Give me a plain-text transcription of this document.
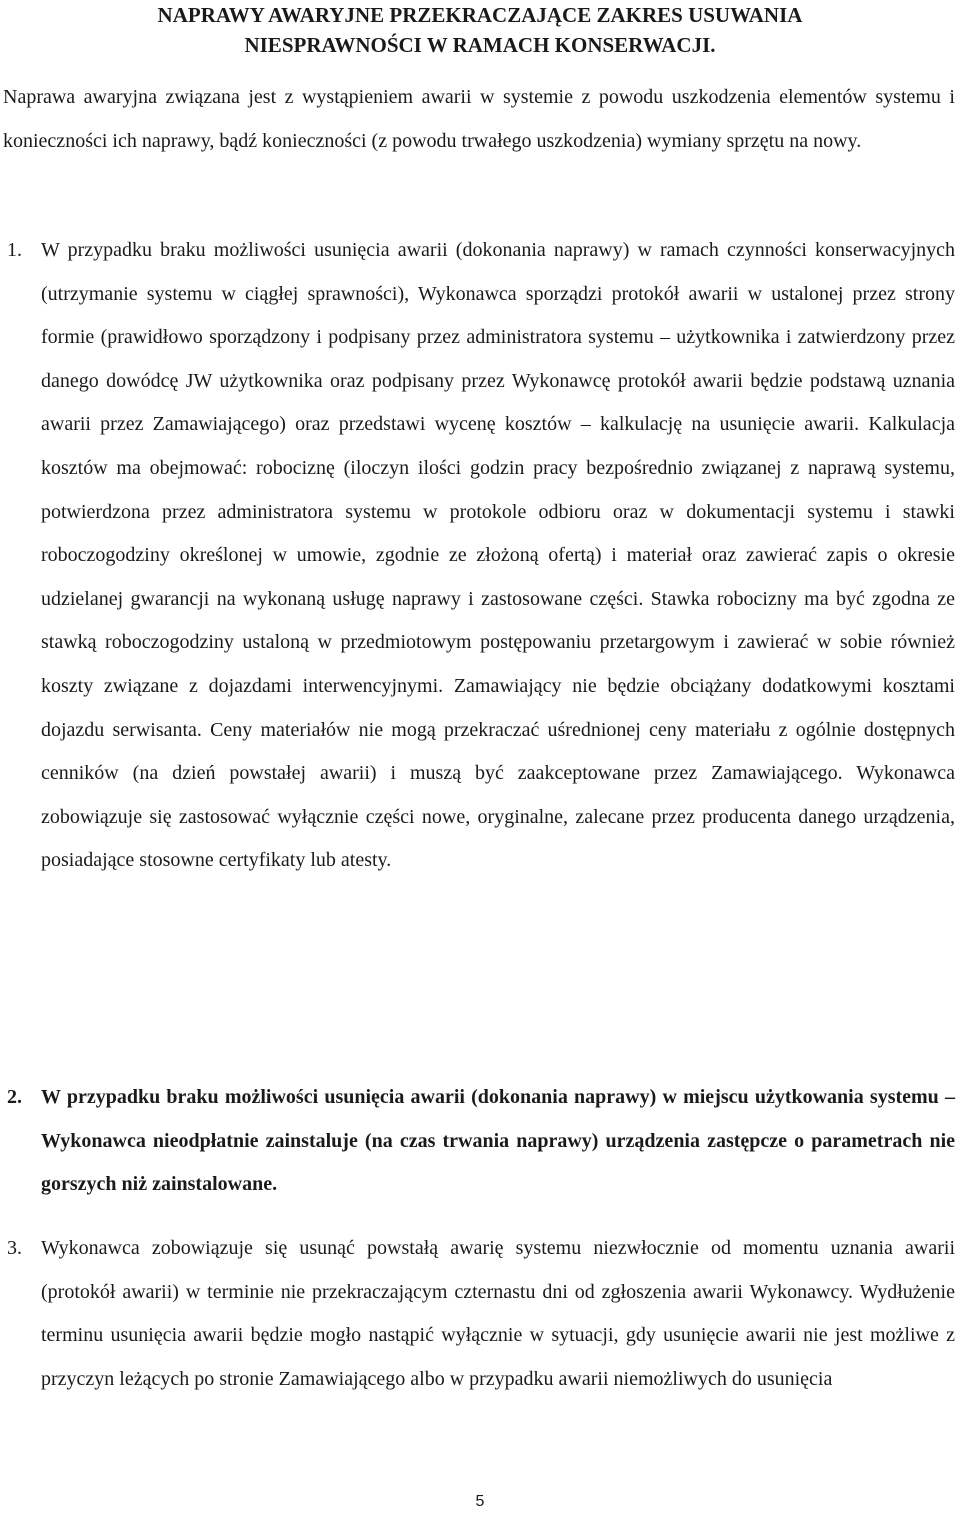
NAPRAWY AWARYJNE PRZEKRACZAJĄCE ZAKRES USUWANIA
NIESPRAWNOŚCI W RAMACH KONSERWACJI.

Naprawa awaryjna związana jest z wystąpieniem awarii w systemie z powodu uszkodzenia elementów systemu i konieczności ich naprawy, bądź konieczności (z powodu trwałego uszkodzenia) wymiany sprzętu na nowy.

1. W przypadku braku możliwości usunięcia awarii (dokonania naprawy) w ramach czynności konserwacyjnych (utrzymanie systemu w ciągłej sprawności), Wykonawca sporządzi protokół awarii w ustalonej przez strony formie (prawidłowo sporządzony i podpisany przez administratora systemu – użytkownika i zatwierdzony przez danego dowódcę JW użytkownika oraz podpisany przez Wykonawcę protokół awarii będzie podstawą uznania awarii przez Zamawiającego) oraz przedstawi wycenę kosztów – kalkulację na usunięcie awarii. Kalkulacja kosztów ma obejmować: robociznę (iloczyn ilości godzin pracy bezpośrednio związanej z naprawą systemu, potwierdzona przez administratora systemu w protokole odbioru oraz w dokumentacji systemu i stawki roboczogodziny określonej w umowie, zgodnie ze złożoną ofertą) i materiał oraz zawierać zapis o okresie udzielanej gwarancji na wykonaną usługę naprawy i zastosowane części. Stawka robocizny ma być zgodna ze stawką roboczogodziny ustaloną w przedmiotowym postępowaniu przetargowym i zawierać w sobie również koszty związane z dojazdami interwencyjnymi. Zamawiający nie będzie obciążany dodatkowymi kosztami dojazdu serwisanta. Ceny materiałów nie mogą przekraczać uśrednionej ceny materiału z ogólnie dostępnych cenników (na dzień powstałej awarii) i muszą być zaakceptowane przez Zamawiającego. Wykonawca zobowiązuje się zastosować wyłącznie części nowe, oryginalne, zalecane przez producenta danego urządzenia, posiadające stosowne certyfikaty lub atesty.
2. W przypadku braku możliwości usunięcia awarii (dokonania naprawy) w miejscu użytkowania systemu – Wykonawca nieodpłatnie zainstaluje (na czas trwania naprawy) urządzenia zastępcze o parametrach nie gorszych niż zainstalowane.
3. Wykonawca zobowiązuje się usunąć powstałą awarię systemu niezwłocznie od momentu uznania awarii (protokół awarii) w terminie nie przekraczającym czternastu dni od zgłoszenia awarii Wykonawcy. Wydłużenie terminu usunięcia awarii będzie mogło nastąpić wyłącznie w sytuacji, gdy usunięcie awarii nie jest możliwe z przyczyn leżących po stronie Zamawiającego albo w przypadku awarii niemożliwych do usunięcia
5
